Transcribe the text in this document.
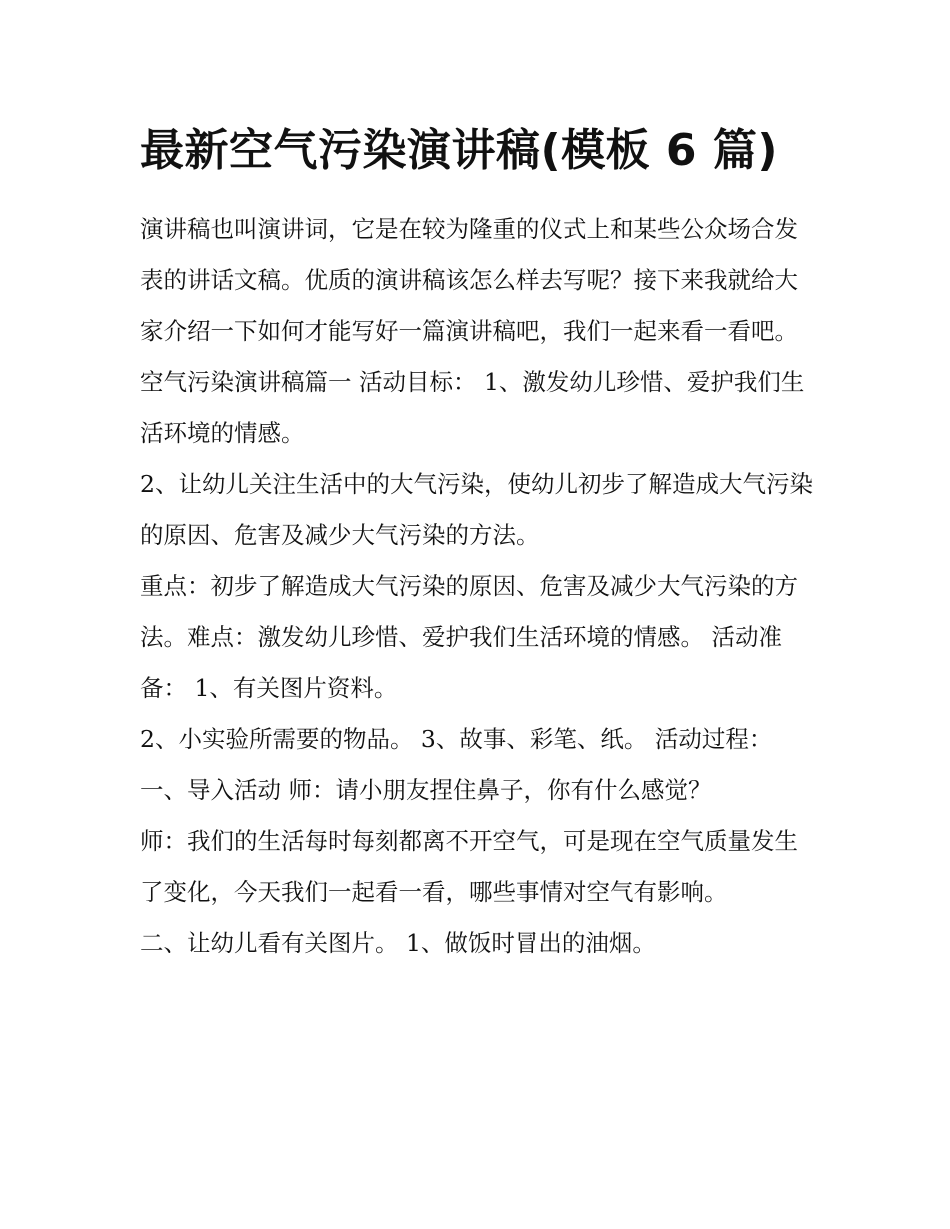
最新空气污染演讲稿(模板 6 篇)

演讲稿也叫演讲词，它是在较为隆重的仪式上和某些公众场合发表的讲话文稿。优质的演讲稿该怎么样去写呢？接下来我就给大家介绍一下如何才能写好一篇演讲稿吧，我们一起来看一看吧。

空气污染演讲稿篇一 活动目标： 1、激发幼儿珍惜、爱护我们生活环境的情感。

2、让幼儿关注生活中的大气污染，使幼儿初步了解造成大气污染的原因、危害及减少大气污染的方法。

重点：初步了解造成大气污染的原因、危害及减少大气污染的方法。难点：激发幼儿珍惜、爱护我们生活环境的情感。 活动准备： 1、有关图片资料。

2、小实验所需要的物品。 3、故事、彩笔、纸。 活动过程：

一、导入活动 师：请小朋友捏住鼻子，你有什么感觉？

师：我们的生活每时每刻都离不开空气，可是现在空气质量发生了变化，今天我们一起看一看，哪些事情对空气有影响。

二、让幼儿看有关图片。 1、做饭时冒出的油烟。
